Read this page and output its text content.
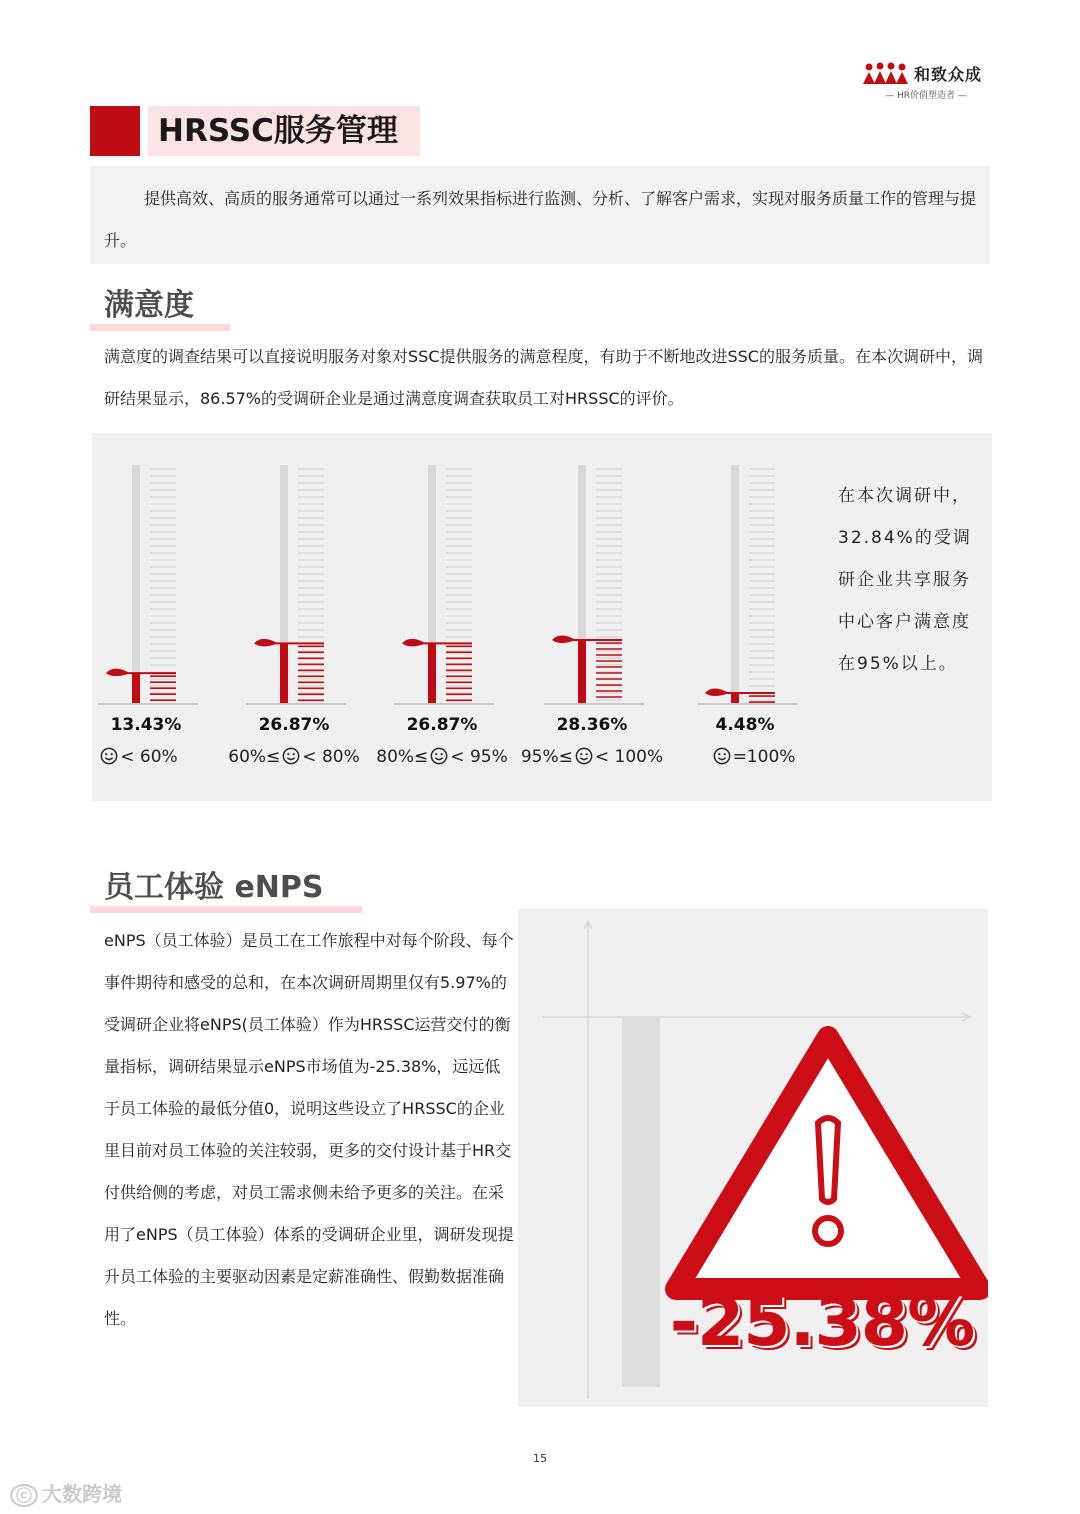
和致众成
— HR价值塑造者 —
HRSSC服务管理
提供高效、高质的服务通常可以通过一系列效果指标进行监测、分析、了解客户需求，实现对服务质量工作的管理与提升。
满意度
满意度的调查结果可以直接说明服务对象对SSC提供服务的满意程度，有助于不断地改进SSC的服务质量。在本次调研中，调研结果显示，86.57%的受调研企业是通过满意度调查获取员工对HRSSC的评价。
13.43%
< 60%
26.87%
60%≤ < 80%
26.87%
80%≤ < 95%
28.36%
95%≤ < 100%
4.48%
=100%
在本次调研中，32.84%的受调研企业共享服务中心客户满意度在95%以上。
员工体验 eNPS
eNPS（员工体验）是员工在工作旅程中对每个阶段、每个事件期待和感受的总和，在本次调研周期里仅有5.97%的受调研企业将eNPS(员工体验）作为HRSSC运营交付的衡量指标，调研结果显示eNPS市场值为-25.38%，远远低于员工体验的最低分值0，说明这些设立了HRSSC的企业里目前对员工体验的关注较弱，更多的交付设计基于HR交付供给侧的考虑，对员工需求侧未给予更多的关注。在采用了eNPS（员工体验）体系的受调研企业里，调研发现提升员工体验的主要驱动因素是定薪准确性、假勤数据准确性。	-25.38%
15
ⓒ 大数跨境
